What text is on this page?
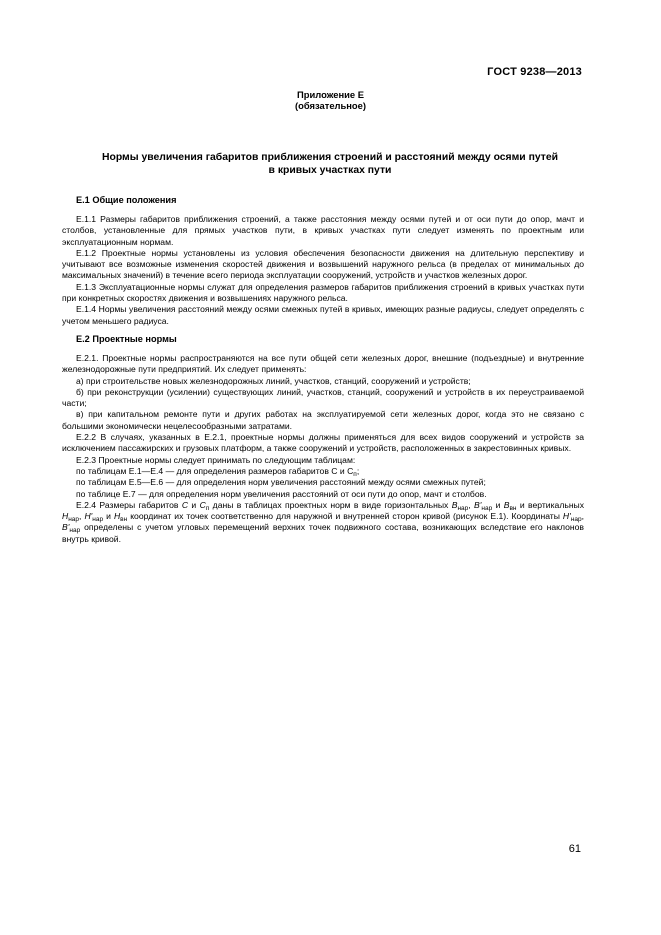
ГОСТ 9238—2013
Приложение Е
(обязательное)
Нормы увеличения габаритов приближения строений и расстояний между осями путей
в кривых участках пути
Е.1 Общие положения

Е.1.1 Размеры габаритов приближения строений, а также расстояния между осями путей и от оси пути до опор, мачт и столбов, установленные для прямых участков пути, в кривых участках пути следует изменять по проектным или эксплуатационным нормам.

Е.1.2 Проектные нормы установлены из условия обеспечения безопасности движения на длительную перспективу и учитывают все возможные изменения скоростей движения и возвышений наружного рельса (в пределах от минимальных до максимальных значений) в течение всего периода эксплуатации сооружений, устройств и участков железных дорог.

Е.1.3 Эксплуатационные нормы служат для определения размеров габаритов приближения строений в кривых участках пути при конкретных скоростях движения и возвышениях наружного рельса.

Е.1.4 Нормы увеличения расстояний между осями смежных путей в кривых, имеющих разные радиусы, следует определять с учетом меньшего радиуса.

Е.2 Проектные нормы

Е.2.1. Проектные нормы распространяются на все пути общей сети железных дорог, внешние (подъездные) и внутренние железнодорожные пути предприятий. Их следует применять:

а) при строительстве новых железнодорожных линий, участков, станций, сооружений и устройств;

б) при реконструкции (усилении) существующих линий, участков, станций, сооружений и устройств в их переустраиваемой части;

в) при капитальном ремонте пути и других работах на эксплуатируемой сети железных дорог, когда это не связано с большими экономически нецелесообразными затратами.

Е.2.2 В случаях, указанных в Е.2.1, проектные нормы должны применяться для всех видов сооружений и устройств за исключением пассажирских и грузовых платформ, а также сооружений и устройств, расположенных в закрестовинных кривых.

Е.2.3 Проектные нормы следует принимать по следующим таблицам:

по таблицам Е.1—Е.4 — для определения размеров габаритов С и $С_п$;

по таблицам Е.5—Е.6 — для определения норм увеличения расстояний между осями смежных путей;

по таблице Е.7 — для определения норм увеличения расстояний от оси пути до опор, мачт и столбов.

Е.2.4 Размеры габаритов С и $С_п$ даны в таблицах проектных норм в виде горизонтальных $В_{нар}$, $В'_{нар}$ и $В_{вн}$ и вертикальных $Н_{нар}$, $Н'_{нар}$ и $Н_{вн}$ координат их точек соответственно для наружной и внутренней сторон кривой (рисунок Е.1). Координаты $Н'_{нар}$, $В'_{нар}$ определены с учетом угловых перемещений верхних точек подвижного состава, возникающих вследствие его наклонов внутрь кривой.

61
